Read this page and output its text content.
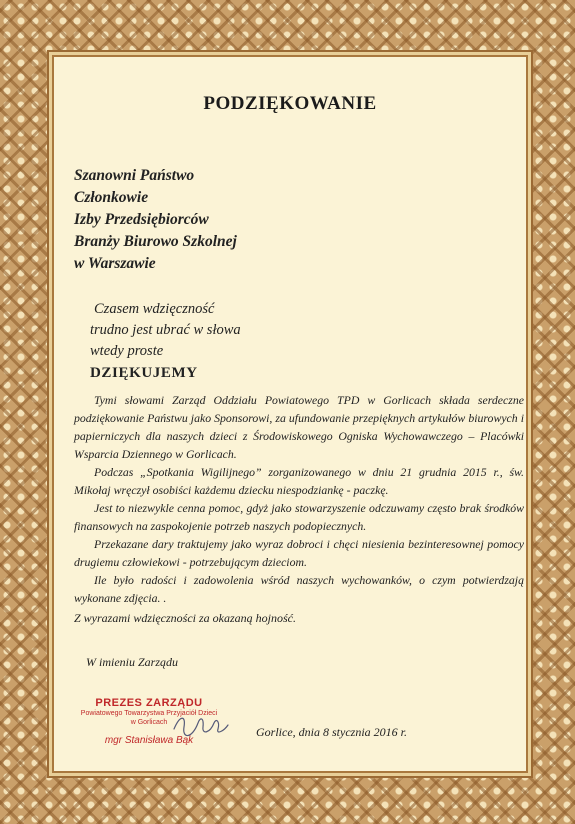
PODZIĘKOWANIE
Szanowni Państwo
Członkowie
Izby Przedsiębiorców
Branży Biurowo Szkolnej
w Warszawie
Czasem wdzięczność
trudno jest ubrać w słowa
wtedy proste
DZIĘKUJEMY

Tymi słowami Zarząd Oddziału Powiatowego TPD w Gorlicach składa serdeczne podziękowanie Państwu jako Sponsorowi, za ufundowanie przepięknych artykułów biurowych i papierniczych dla naszych dzieci z Środowiskowego Ogniska Wychowawczego – Placówki Wsparcia Dziennego w Gorlicach.

Podczas „Spotkania Wigilijnego” zorganizowanego w dniu 21 grudnia 2015 r., św. Mikołaj wręczył osobiści każdemu dziecku niespodziankę - paczkę.

Jest to niezwykle cenna pomoc, gdyż jako stowarzyszenie odczuwamy często brak środków finansowych na zaspokojenie potrzeb naszych podopiecznych.

Przekazane dary traktujemy jako wyraz dobroci i chęci niesienia bezinteresownej pomocy drugiemu człowiekowi - potrzebującym dzieciom.

Ile było radości i zadowolenia wśród naszych wychowanków, o czym potwierdzają wykonane zdjęcia. .

Z wyrazami wdzięczności za okazaną hojność.
W imieniu Zarządu
PREZES ZARZĄDU
Powiatowego Towarzystwa Przyjaciół Dzieci
w Gorlicach
mgr Stanisława Bąk
Gorlice, dnia 8 stycznia 2016 r.
